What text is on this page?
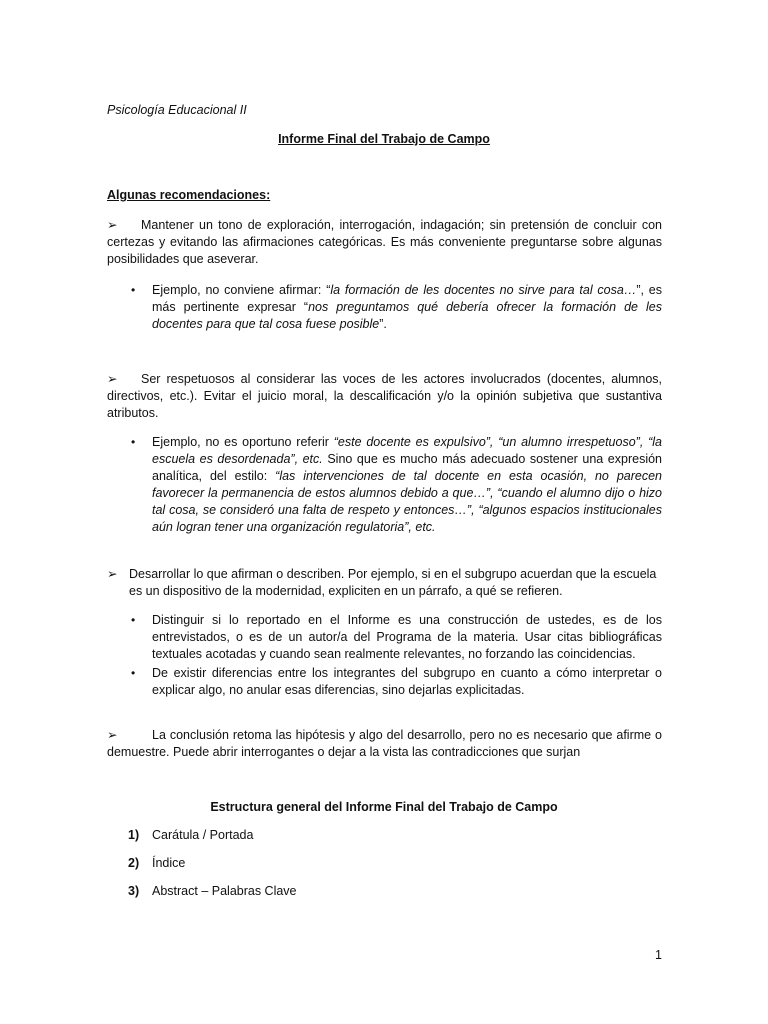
Psicología Educacional II
Informe Final del Trabajo de Campo
Algunas recomendaciones:
➢ Mantener un tono de exploración, interrogación, indagación; sin pretensión de concluir con certezas y evitando las afirmaciones categóricas. Es más conveniente preguntarse sobre algunas posibilidades que aseverar.
• Ejemplo, no conviene afirmar: “la formación de les docentes no sirve para tal cosa…”, es más pertinente expresar “nos preguntamos qué debería ofrecer la formación de les docentes para que tal cosa fuese posible”.
➢ Ser respetuosos al considerar las voces de les actores involucrados (docentes, alumnos, directivos, etc.). Evitar el juicio moral, la descalificación y/o la opinión subjetiva que sustantiva atributos.
• Ejemplo, no es oportuno referir “este docente es expulsivo”, “un alumno irrespetuoso”, “la escuela es desordenada”, etc. Sino que es mucho más adecuado sostener una expresión analítica, del estilo: “las intervenciones de tal docente en esta ocasión, no parecen favorecer la permanencia de estos alumnos debido a que…”, “cuando el alumno dijo o hizo tal cosa, se consideró una falta de respeto y entonces…”, “algunos espacios institucionales aún logran tener una organización regulatoria”, etc.
➢ Desarrollar lo que afirman o describen. Por ejemplo, si en el subgrupo acuerdan que la escuela es un dispositivo de la modernidad, expliciten en un párrafo, a qué se refieren.
• Distinguir si lo reportado en el Informe es una construcción de ustedes, es de los entrevistados, o es de un autor/a del Programa de la materia. Usar citas bibliográficas textuales acotadas y cuando sean realmente relevantes, no forzando las coincidencias.
• De existir diferencias entre los integrantes del subgrupo en cuanto a cómo interpretar o explicar algo, no anular esas diferencias, sino dejarlas explicitadas.
➢	La conclusión retoma las hipótesis y algo del desarrollo, pero no es necesario que afirme o demuestre. Puede abrir interrogantes o dejar a la vista las contradicciones que surjan
Estructura general del Informe Final del Trabajo de Campo
1) Carátula / Portada
2) Índice
3) Abstract – Palabras Clave
1
